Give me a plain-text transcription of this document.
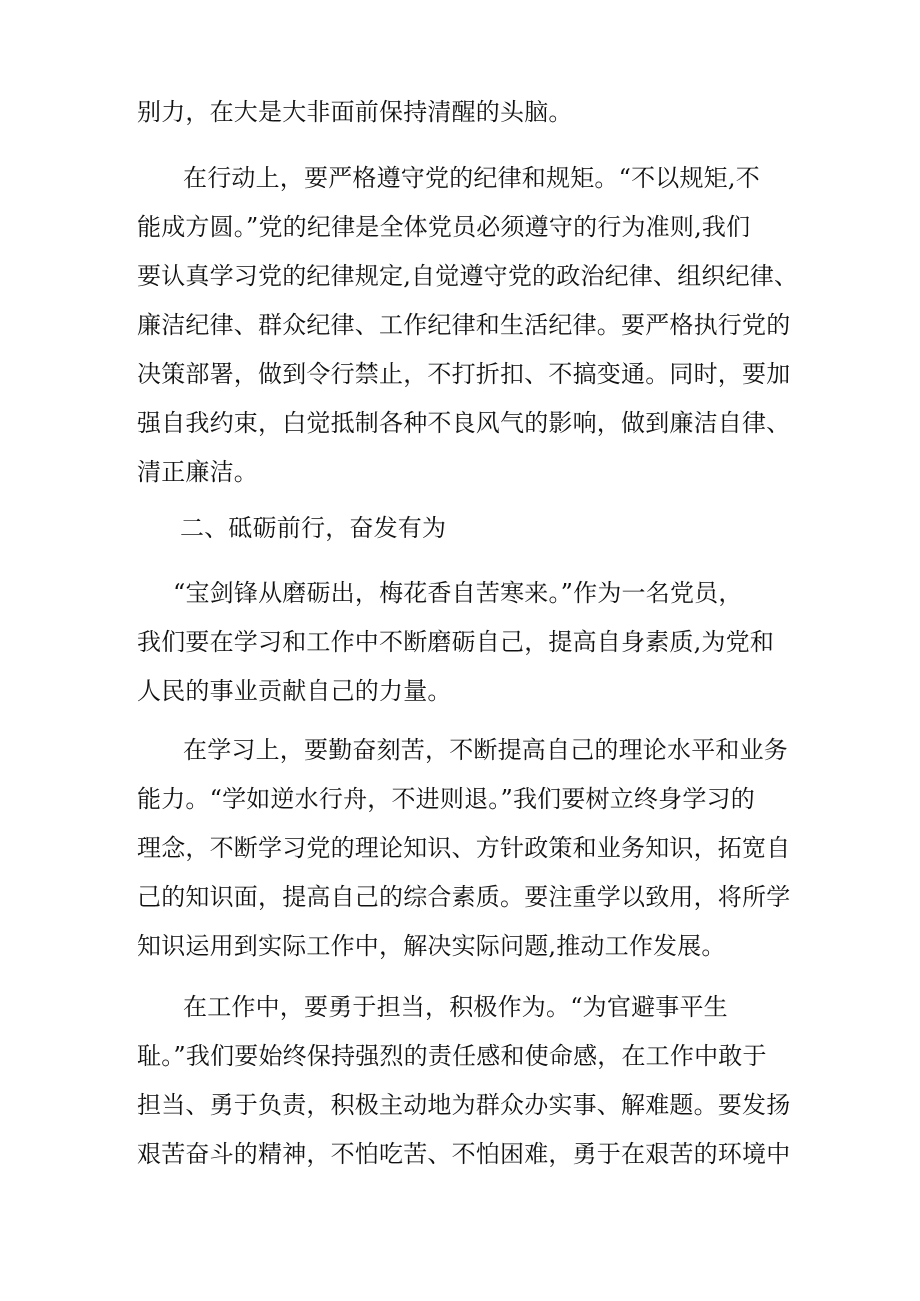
别力，在大是大非面前保持清醒的头脑。
在行动上，要严格遵守党的纪律和规矩。“不以规矩,不
能成方圆。”党的纪律是全体党员必须遵守的行为准则,我们
要认真学习党的纪律规定,自觉遵守党的政治纪律、组织纪律、
廉洁纪律、群众纪律、工作纪律和生活纪律。要严格执行党的
决策部署，做到令行禁止，不打折扣、不搞变通。同时，要加
强自我约束，白觉抵制各种不良风气的影响，做到廉洁自律、
清正廉洁。
二、砥砺前行，奋发有为
“宝剑锋从磨砺出，梅花香自苦寒来。”作为一名党员，
我们要在学习和工作中不断磨砺自己，提高自身素质,为党和
人民的事业贡献自己的力量。
在学习上，要勤奋刻苦，不断提高自己的理论水平和业务
能力。“学如逆水行舟，不进则退。”我们要树立终身学习的
理念，不断学习党的理论知识、方针政策和业务知识，拓宽自
己的知识面，提高自己的综合素质。要注重学以致用，将所学
知识运用到实际工作中，解决实际问题,推动工作发展。
在工作中，要勇于担当，积极作为。“为官避事平生
耻。”我们要始终保持强烈的责任感和使命感，在工作中敢于
担当、勇于负责，积极主动地为群众办实事、解难题。要发扬
艰苦奋斗的精神，不怕吃苦、不怕困难，勇于在艰苦的环境中
